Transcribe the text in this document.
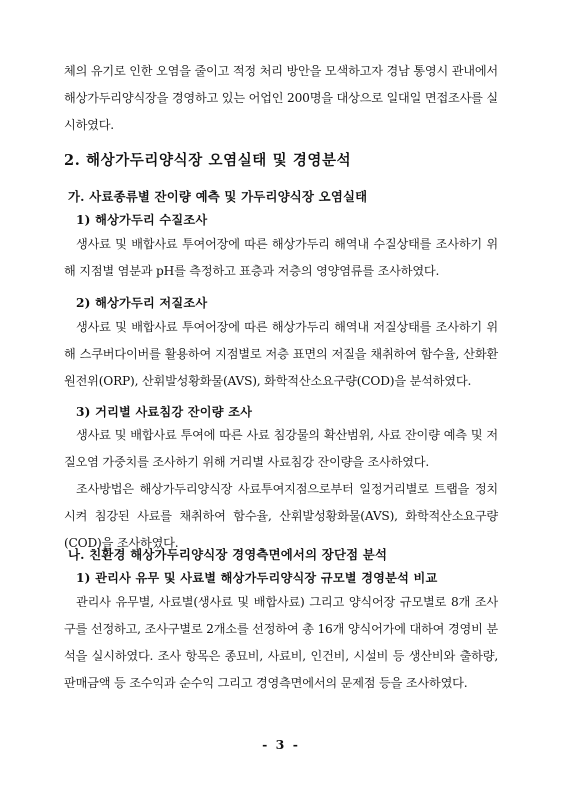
체의 유기로 인한 오염을 줄이고 적정 처리 방안을 모색하고자 경남 통영시 관내에서 해상가두리양식장을 경영하고 있는 어업인 200명을 대상으로 일대일 면접조사를 실시하였다.

2. 해상가두리양식장 오염실태 및 경영분석

가. 사료종류별 잔이량 예측 및 가두리양식장 오염실태

1) 해상가두리 수질조사

생사료 및 배합사료 투여어장에 따른 해상가두리 해역내 수질상태를 조사하기 위해 지점별 염분과 pH를 측정하고 표층과 저층의 영양염류를 조사하였다.

2) 해상가두리 저질조사

생사료 및 배합사료 투여어장에 따른 해상가두리 해역내 저질상태를 조사하기 위해 스쿠버다이버를 활용하여 지점별로 저층 표면의 저질을 채취하여 함수율, 산화환원전위(ORP), 산휘발성황화물(AVS), 화학적산소요구량(COD)을 분석하였다.

3) 거리별 사료침강 잔이량 조사

생사료 및 배합사료 투여에 따른 사료 침강물의 확산범위, 사료 잔이량 예측 및 저질오염 가중치를 조사하기 위해 거리별 사료침강 잔이량을 조사하였다.

조사방법은 해상가두리양식장 사료투여지점으로부터 일정거리별로 트랩을 정치시켜 침강된 사료를 채취하여 함수율, 산휘발성황화물(AVS), 화학적산소요구량(COD)을 조사하였다.

나. 친환경 해상가두리양식장 경영측면에서의 장단점 분석

1) 관리사 유무 및 사료별 해상가두리양식장 규모별 경영분석 비교

관리사 유무별, 사료별(생사료 및 배합사료) 그리고 양식어장 규모별로 8개 조사구를 선정하고, 조사구별로 2개소를 선정하여 총 16개 양식어가에 대하여 경영비 분석을 실시하였다. 조사 항목은 종묘비, 사료비, 인건비, 시설비 등 생산비와 출하량, 판매금액 등 조수익과 순수익 그리고 경영측면에서의 문제점 등을 조사하였다.

- 3 -
